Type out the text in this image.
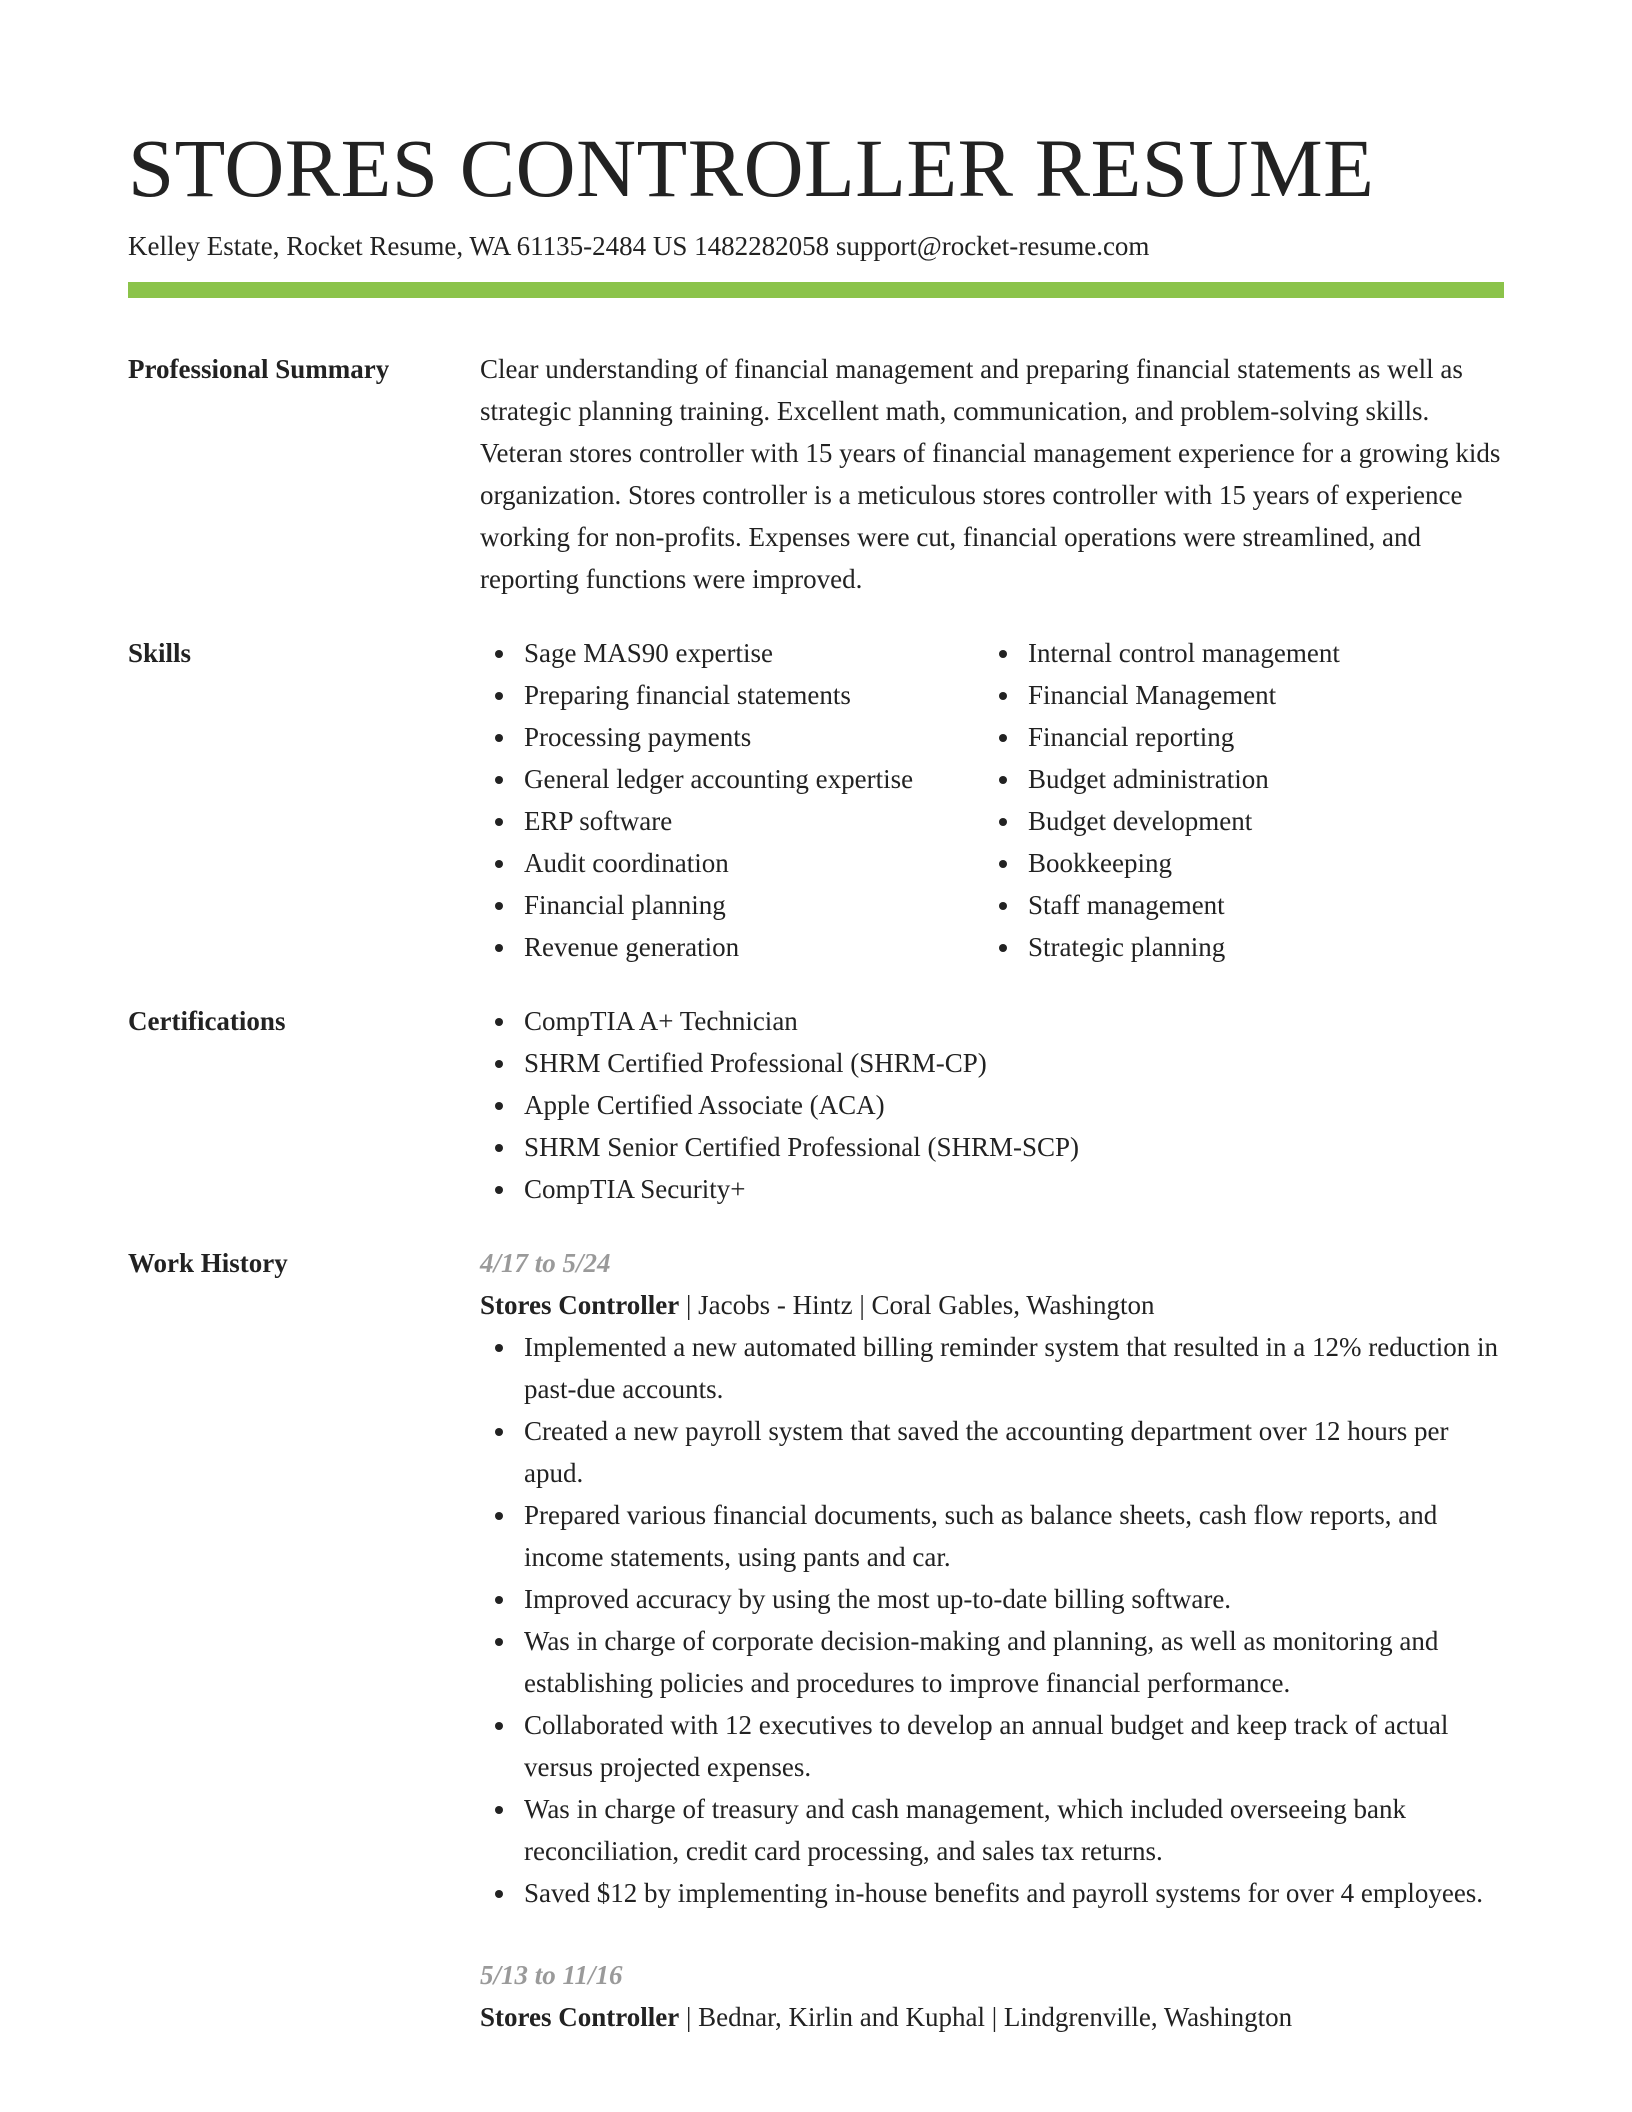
STORES CONTROLLER RESUME
Kelley Estate, Rocket Resume, WA 61135-2484 US 1482282058 support@rocket-resume.com
Professional Summary	Clear understanding of financial management and preparing financial statements as well as strategic planning training. Excellent math, communication, and problem-solving skills. Veteran stores controller with 15 years of financial management experience for a growing kids organization. Stores controller is a meticulous stores controller with 15 years of experience working for non-profits. Expenses were cut, financial operations were streamlined, and reporting functions were improved.
Skills	Sage MAS90 expertise
Preparing financial statements
Processing payments
General ledger accounting expertise
ERP software
Audit coordination
Financial planning
Revenue generation
Internal control management
Financial Management
Financial reporting
Budget administration
Budget development
Bookkeeping
Staff management
Strategic planning
Certifications	CompTIA A+ Technician
SHRM Certified Professional (SHRM-CP)
Apple Certified Associate (ACA)
SHRM Senior Certified Professional (SHRM-SCP)
CompTIA Security+
Work History	4/17 to 5/24
Stores Controller | Jacobs - Hintz | Coral Gables, Washington
Implemented a new automated billing reminder system that resulted in a 12% reduction in past-due accounts.
Created a new payroll system that saved the accounting department over 12 hours per apud.
Prepared various financial documents, such as balance sheets, cash flow reports, and income statements, using pants and car.
Improved accuracy by using the most up-to-date billing software.
Was in charge of corporate decision-making and planning, as well as monitoring and establishing policies and procedures to improve financial performance.
Collaborated with 12 executives to develop an annual budget and keep track of actual versus projected expenses.
Was in charge of treasury and cash management, which included overseeing bank reconciliation, credit card processing, and sales tax returns.
Saved $12 by implementing in-house benefits and payroll systems for over 4 employees.
5/13 to 11/16
Stores Controller | Bednar, Kirlin and Kuphal | Lindgrenville, Washington
